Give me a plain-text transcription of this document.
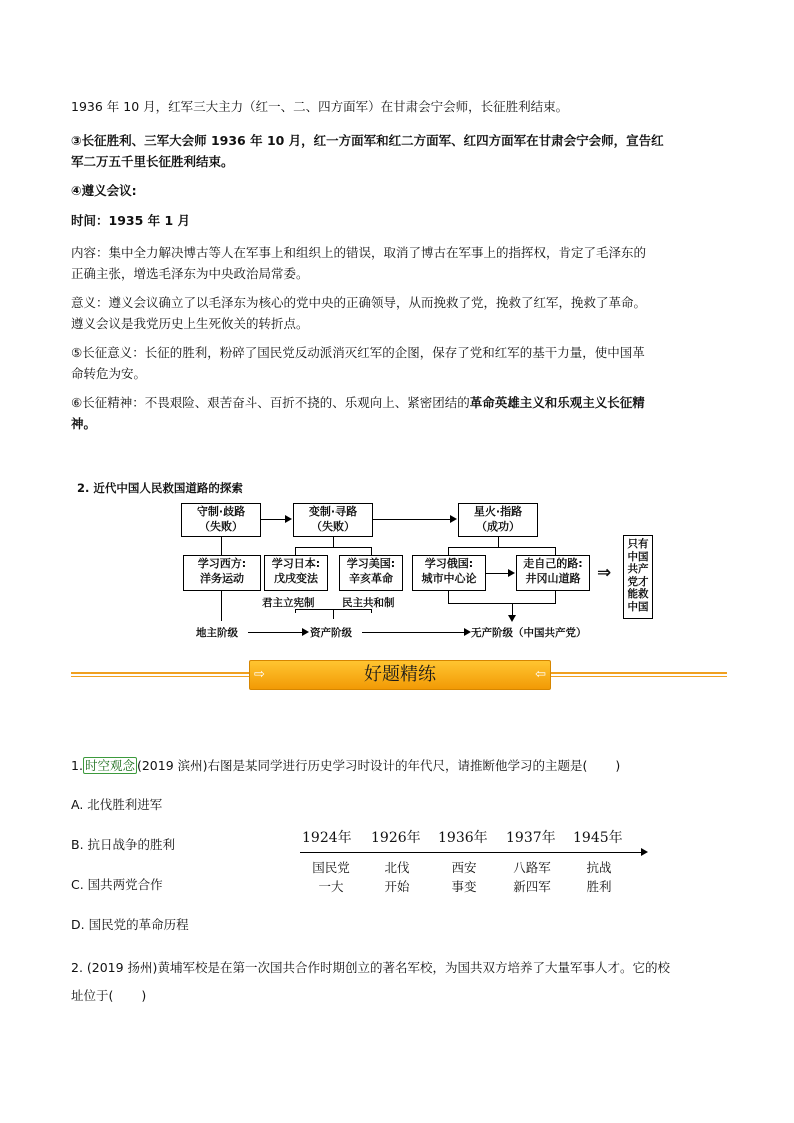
1936 年 10 月，红军三大主力（红一、二、四方面军）在甘肃会宁会师，长征胜利结束。

③长征胜利、三军大会师 1936 年 10 月，红一方面军和红二方面军、红四方面军在甘肃会宁会师，宣告红
军二万五千里长征胜利结束。

④遵义会议:

时间：1935 年 1 月

内容：集中全力解决博古等人在军事上和组织上的错误，取消了博古在军事上的指挥权，肯定了毛泽东的
正确主张，增选毛泽东为中央政治局常委。

意义：遵义会议确立了以毛泽东为核心的党中央的正确领导，从而挽救了党，挽救了红军，挽救了革命。
遵义会议是我党历史上生死攸关的转折点。

⑤长征意义：长征的胜利，粉碎了国民党反动派消灭红军的企图，保存了党和红军的基干力量，使中国革
命转危为安。

⑥长征精神：不畏艰险、艰苦奋斗、百折不挠的、乐观向上、紧密团结的革命英雄主义和乐观主义长征精
神。

2. 近代中国人民救国道路的探索
守制·歧路
（失败）
变制·寻路
（失败）
星火·指路
（成功）
学习西方:
洋务运动
学习日本:
戊戌变法
学习美国:
辛亥革命
学习俄国:
城市中心论
走自己的路:
井冈山道路 ⇒
只有中国共产党才能救中国
君主立宪制	民主共和制
地主阶级	资产阶级	无产阶级（中国共产党）
⇨	好题精练	⇦
1. 时空观念 (2019 滨州)右图是某同学进行历史学习时设计的年代尺，请推断他学习的主题是( )
A. 北伐胜利进军
B. 抗日战争的胜利
C. 国共两党合作
D. 国民党的革命历程
1924年 1926年 1936年 1937年 1945年
国民党
一大
北伐
开始
西安
事变
八路军
新四军
抗战
胜利

2. (2019 扬州)黄埔军校是在第一次国共合作时期创立的著名军校，为国共双方培养了大量军事人才。它的校
址位于( )
